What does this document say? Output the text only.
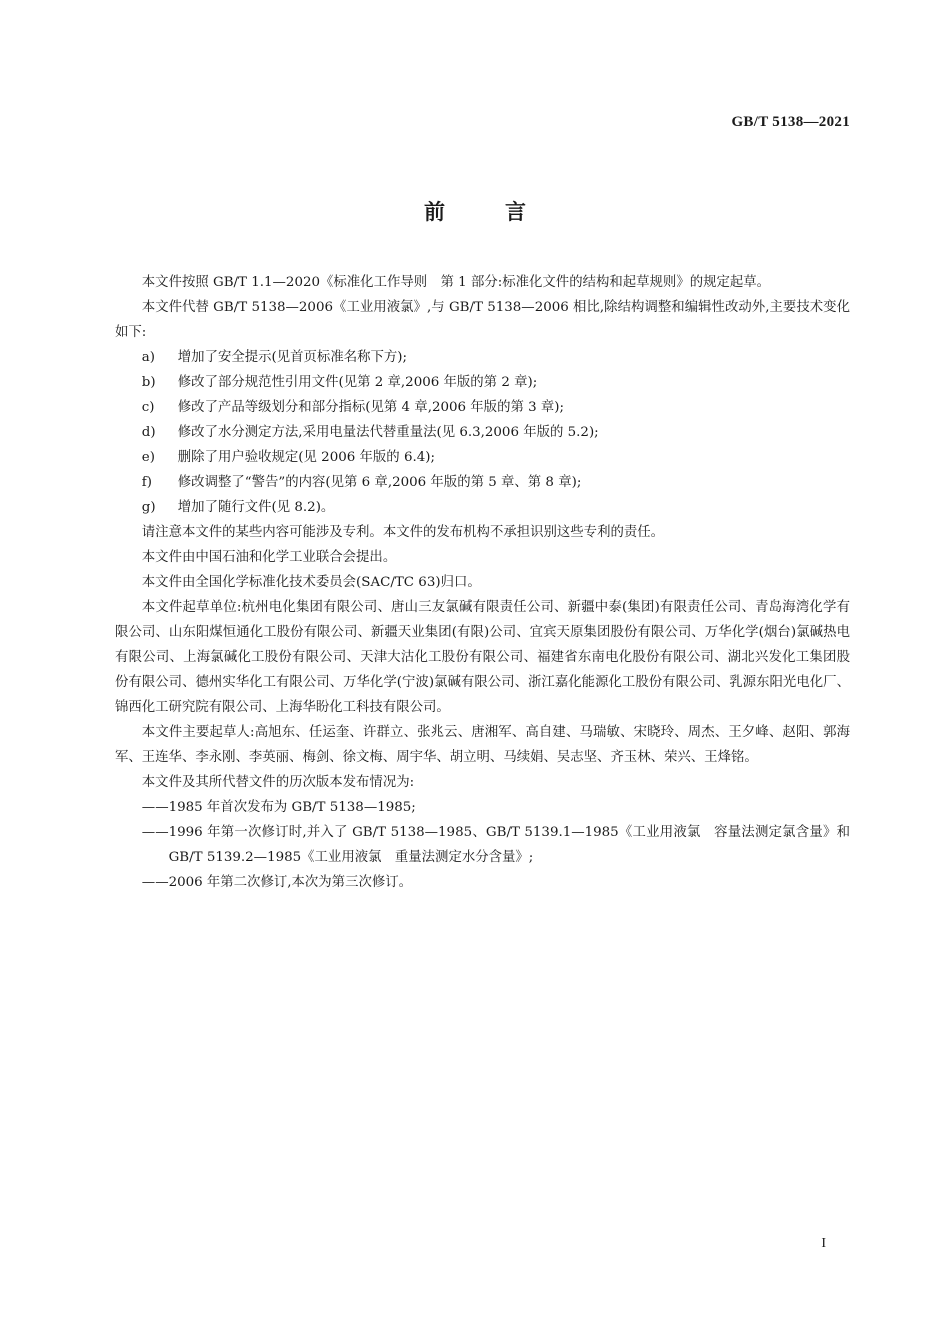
GB/T 5138—2021
前言

本文件按照 GB/T 1.1—2020《标准化工作导则　第 1 部分:标准化文件的结构和起草规则》的规定起草。

本文件代替 GB/T 5138—2006《工业用液氯》,与 GB/T 5138—2006 相比,除结构调整和编辑性改动外,主要技术变化如下:

a)	增加了安全提示(见首页标准名称下方);
b)	修改了部分规范性引用文件(见第 2 章,2006 年版的第 2 章);
c)	修改了产品等级划分和部分指标(见第 4 章,2006 年版的第 3 章);
d)	修改了水分测定方法,采用电量法代替重量法(见 6.3,2006 年版的 5.2);
e)	删除了用户验收规定(见 2006 年版的 6.4);
f)	修改调整了“警告”的内容(见第 6 章,2006 年版的第 5 章、第 8 章);
g)	增加了随行文件(见 8.2)。

请注意本文件的某些内容可能涉及专利。本文件的发布机构不承担识别这些专利的责任。

本文件由中国石油和化学工业联合会提出。

本文件由全国化学标准化技术委员会(SAC/TC 63)归口。

本文件起草单位:杭州电化集团有限公司、唐山三友氯碱有限责任公司、新疆中泰(集团)有限责任公司、青岛海湾化学有限公司、山东阳煤恒通化工股份有限公司、新疆天业集团(有限)公司、宜宾天原集团股份有限公司、万华化学(烟台)氯碱热电有限公司、上海氯碱化工股份有限公司、天津大沽化工股份有限公司、福建省东南电化股份有限公司、湖北兴发化工集团股份有限公司、德州实华化工有限公司、万华化学(宁波)氯碱有限公司、浙江嘉化能源化工股份有限公司、乳源东阳光电化厂、锦西化工研究院有限公司、上海华盼化工科技有限公司。

本文件主要起草人:高旭东、任运奎、许群立、张兆云、唐湘军、高自建、马瑞敏、宋晓玲、周杰、王夕峰、赵阳、郭海军、王连华、李永刚、李英丽、梅剑、徐文梅、周宇华、胡立明、马续娟、吴志坚、齐玉林、荣兴、王烽铭。

本文件及其所代替文件的历次版本发布情况为:

——1985 年首次发布为 GB/T 5138—1985;

——1996 年第一次修订时,并入了 GB/T 5138—1985、GB/T 5139.1—1985《工业用液氯　容量法测定氯含量》和 GB/T 5139.2—1985《工业用液氯　重量法测定水分含量》;

——2006 年第二次修订,本次为第三次修订。

I
